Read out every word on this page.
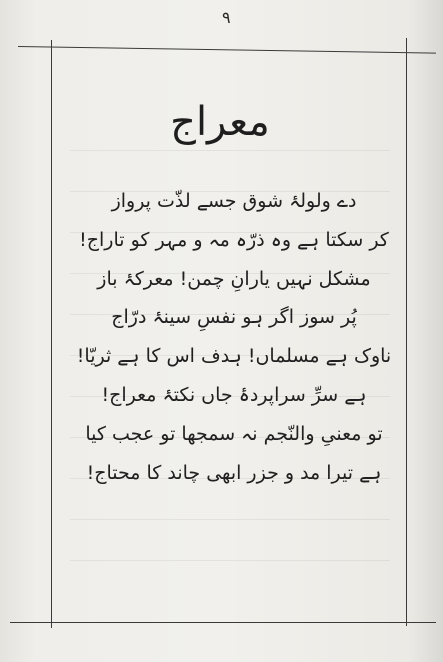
۹
معراج
دے ولولۂ شوق جسے لذّت پرواز
کر سکتا ہے وہ ذرّہ مہ و مہر کو تاراج!
مشکل نہیں یارانِ چمن! معرکۂ باز
پُر سوز اگر ہو نفسِ سینۂ درّاج
ناوک ہے مسلماں! ہدف اس کا ہے ثریّا!
ہے سرِّ سراپردۂ جاں نکتۂ معراج!
تو معنیِ والنّجم نہ سمجھا تو عجب کیا
ہے تیرا مد و جزر ابھی چاند کا محتاج!
